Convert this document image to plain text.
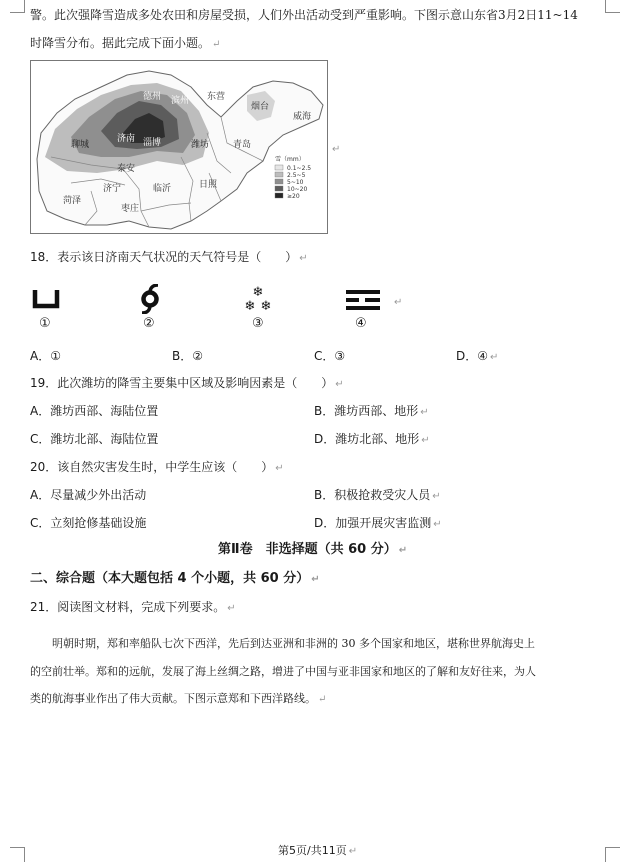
警。此次强降雪造成多处农田和房屋受损，人们外出活动受到严重影响。下图示意山东省3月2日11~14
时降雪分布。据此完成下面小题。 ↵
德州 滨州 东营
烟台
威海
聊城
济南 淄博	潍坊	青岛
泰安
菏泽
济宁	临沂	日照
枣庄
雪（mm）
0.1~2.5
2.5~5
5~10
10~20
≥20
↵
18．表示该日济南天气状况的天气符号是（　　） ↵
❄
❄ ❄	↵
①	②	③	④
A．①	B．②	C．③	D．④ ↵
19．此次潍坊的降雪主要集中区域及影响因素是（　　） ↵
A．潍坊西部、海陆位置	B．潍坊西部、地形 ↵
C．潍坊北部、海陆位置	D．潍坊北部、地形 ↵
20．该自然灾害发生时，中学生应该（　　） ↵
A．尽量减少外出活动	B．积极抢救受灾人员 ↵
C．立刻抢修基础设施	D．加强开展灾害监测 ↵
第Ⅱ卷　非选择题（共 60 分） ↵
二、综合题（本大题包括 4 个小题，共 60 分） ↵
21．阅读图文材料，完成下列要求。 ↵
明朝时期，郑和率船队七次下西洋，先后到达亚洲和非洲的 30 多个国家和地区，堪称世界航海史上
的空前壮举。郑和的远航，发展了海上丝绸之路，增进了中国与亚非国家和地区的了解和友好往来，为人
类的航海事业作出了伟大贡献。下图示意郑和下西洋路线。 ↵
第5页/共11页 ↵
